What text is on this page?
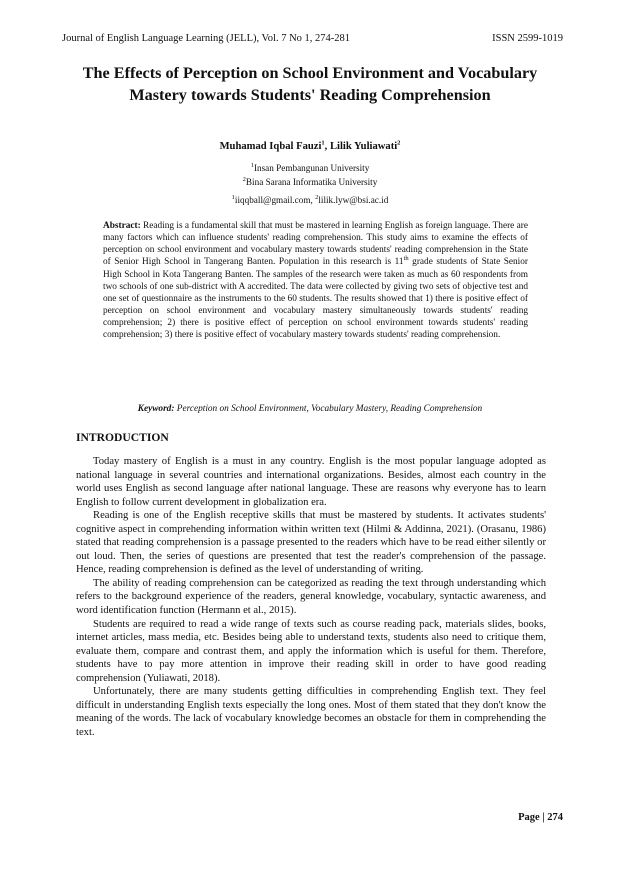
Journal of English Language Learning (JELL), Vol. 7 No 1, 274-281	ISSN 2599-1019
The Effects of Perception on School Environment and Vocabulary Mastery towards Students' Reading Comprehension
Muhamad Iqbal Fauzi$^1$, Lilik Yuliawati$^2$
$^1$Insan Pembangunan University
$^2$Bina Sarana Informatika University
$^1$iiqqball@gmail.com, $^2$lilik.lyw@bsi.ac.id
Abstract: Reading is a fundamental skill that must be mastered in learning English as foreign language. There are many factors which can influence students' reading comprehension. This study aims to examine the effects of perception on school environment and vocabulary mastery towards students' reading comprehension in the State of Senior High School in Tangerang Banten. Population in this research is 11th grade students of State Senior High School in Kota Tangerang Banten. The samples of the research were taken as much as 60 respondents from two schools of one sub-district with A accredited. The data were collected by giving two sets of objective test and one set of questionnaire as the instruments to the 60 students. The results showed that 1) there is positive effect of perception on school environment and vocabulary mastery simultaneously towards students' reading comprehension; 2) there is positive effect of perception on school environment towards students' reading comprehension; 3) there is positive effect of vocabulary mastery towards students' reading comprehension.
Keyword: Perception on School Environment, Vocabulary Mastery, Reading Comprehension
INTRODUCTION

Today mastery of English is a must in any country. English is the most popular language adopted as national language in several countries and international organizations. Besides, almost each country in the world uses English as second language after national language. These are reasons why everyone has to learn English to follow current development in globalization era.

Reading is one of the English receptive skills that must be mastered by students. It activates students' cognitive aspect in comprehending information within written text (Hilmi & Addinna, 2021). (Orasanu, 1986) stated that reading comprehension is a passage presented to the readers which have to be read either silently or out loud. Then, the series of questions are presented that test the reader's comprehension of the passage. Hence, reading comprehension is defined as the level of understanding of writing.

The ability of reading comprehension can be categorized as reading the text through understanding which refers to the background experience of the readers, general knowledge, vocabulary, syntactic awareness, and word identification function (Hermann et al., 2015).

Students are required to read a wide range of texts such as course reading pack, materials slides, books, internet articles, mass media, etc. Besides being able to understand texts, students also need to critique them, evaluate them, compare and contrast them, and apply the information which is useful for them. Therefore, students have to pay more attention in improve their reading skill in order to have good reading comprehension (Yuliawati, 2018).

Unfortunately, there are many students getting difficulties in comprehending English text. They feel difficult in understanding English texts especially the long ones. Most of them stated that they don't know the meaning of the words. The lack of vocabulary knowledge becomes an obstacle for them in comprehending the text.

Page | 274
